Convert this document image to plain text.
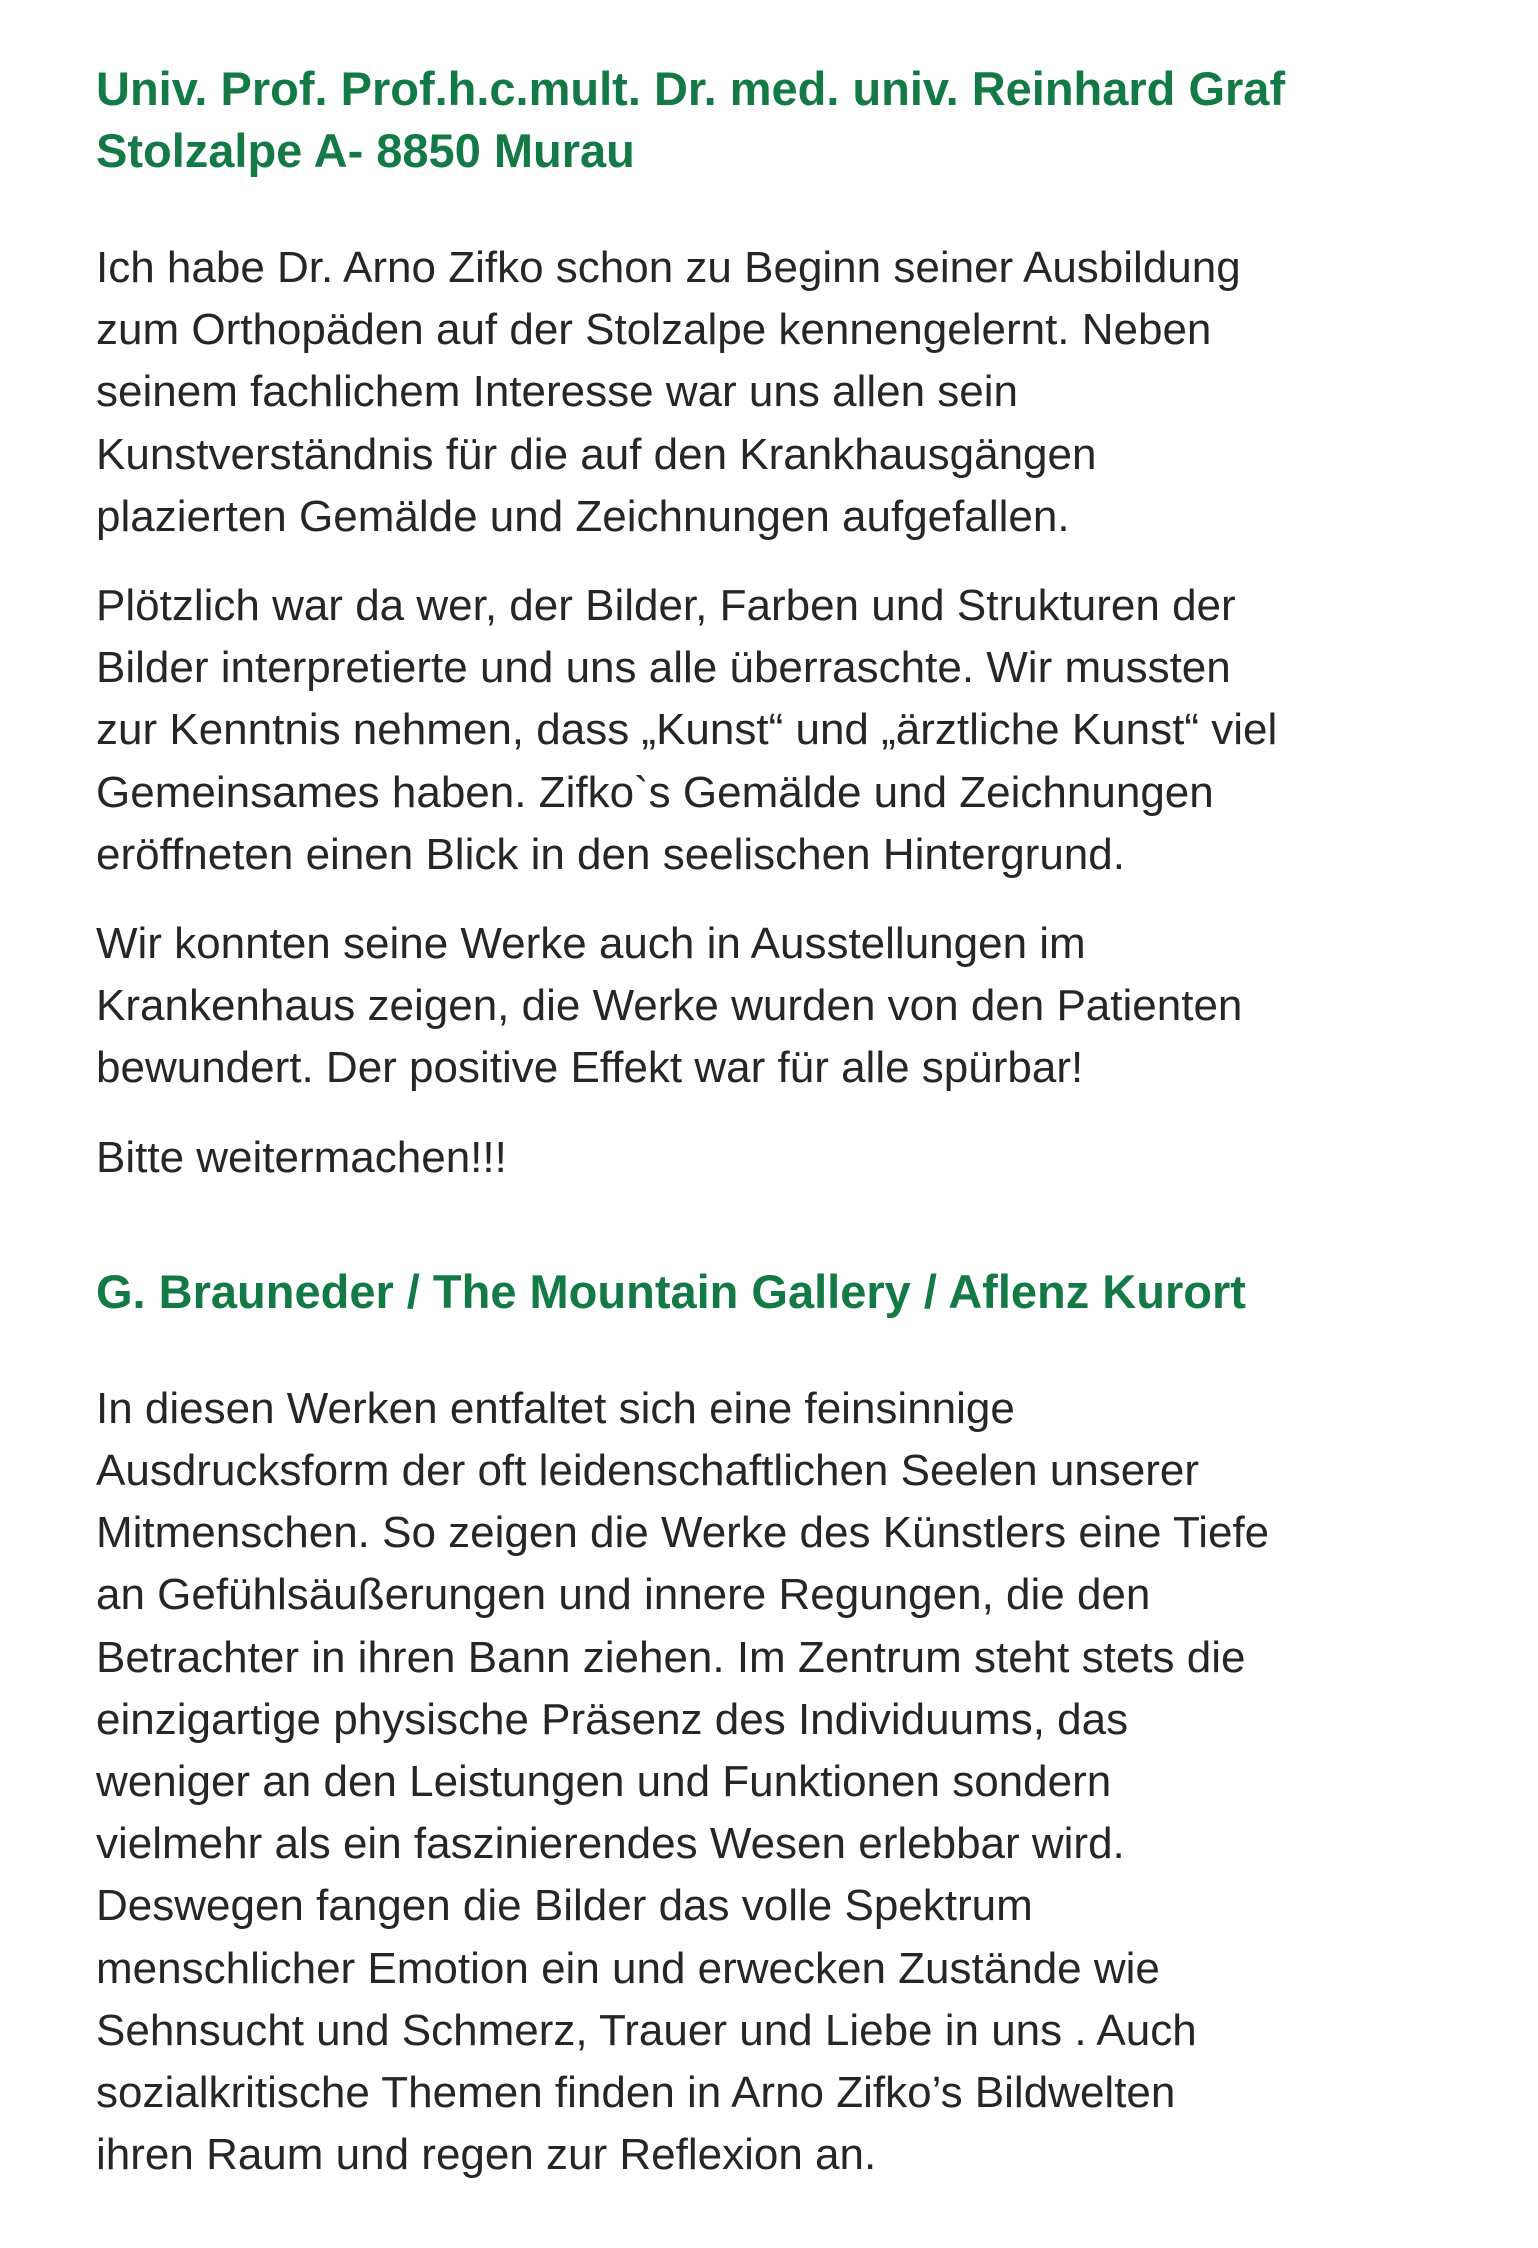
Univ. Prof. Prof.h.c.mult. Dr. med. univ. Reinhard Graf
Stolzalpe A- 8850 Murau

Ich habe Dr. Arno Zifko schon zu Beginn seiner Ausbildung
zum Orthopäden auf der Stolzalpe kennengelernt. Neben
seinem fachlichem Interesse war uns allen sein
Kunstverständnis für die auf den Krankhausgängen
plazierten Gemälde und Zeichnungen aufgefallen.

Plötzlich war da wer, der Bilder, Farben und Strukturen der
Bilder interpretierte und uns alle überraschte. Wir mussten
zur Kenntnis nehmen, dass „Kunst“ und „ärztliche Kunst“ viel
Gemeinsames haben. Zifko`s Gemälde und Zeichnungen
eröffneten einen Blick in den seelischen Hintergrund.

Wir konnten seine Werke auch in Ausstellungen im
Krankenhaus zeigen, die Werke wurden von den Patienten
bewundert. Der positive Effekt war für alle spürbar!

Bitte weitermachen!!!

G. Brauneder / The Mountain Gallery / Aflenz Kurort

In diesen Werken entfaltet sich eine feinsinnige
Ausdrucksform der oft leidenschaftlichen Seelen unserer
Mitmenschen. So zeigen die Werke des Künstlers eine Tiefe
an Gefühlsäußerungen und innere Regungen, die den
Betrachter in ihren Bann ziehen. Im Zentrum steht stets die
einzigartige physische Präsenz des Individuums, das
weniger an den Leistungen und Funktionen sondern
vielmehr als ein faszinierendes Wesen erlebbar wird.
Deswegen fangen die Bilder das volle Spektrum
menschlicher Emotion ein und erwecken Zustände wie
Sehnsucht und Schmerz, Trauer und Liebe in uns . Auch
sozialkritische Themen finden in Arno Zifko’s Bildwelten
ihren Raum und regen zur Reflexion an.
